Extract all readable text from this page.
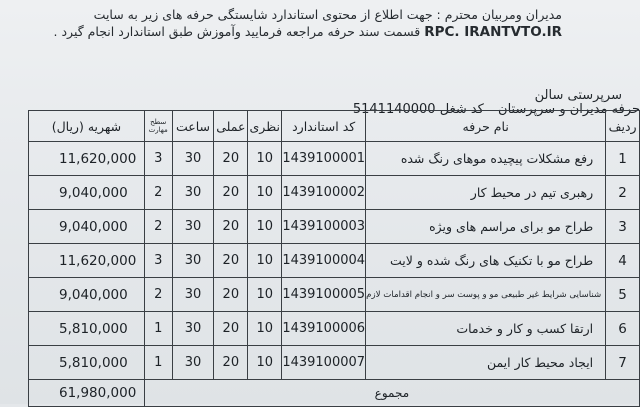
مدیران ومربیان محترم : جهت اطلاع از محتوی استاندارد شایستگی حرفه های زیر به سایت
RPC. IRANTVTO.IR قسمت سند حرفه مراجعه فرمایید وآموزش طبق استاندارد انجام گیرد .
سرپرستی سالن
حرفه مدیران و سرپرستان کد شغل 5141140000
ردیف	نام حرفه	کد استاندارد	نظری	عملی	ساعت	سطح مهارت	شهریه (ریال)
1	رفع مشکلات پیچیده موهای رنگ شده	1439100001	10	20	30	3	11,620,000
2	رهبری تیم در محیط کار	1439100002	10	20	30	2	9,040,000
3	طراح مو برای مراسم های ویژه	1439100003	10	20	30	2	9,040,000
4	طراح مو با تکنیک های رنگ شده و لایت	1439100004	10	20	30	3	11,620,000
5	شناسایی شرایط غیر طبیعی مو و پوست سر و انجام اقدامات لازم	1439100005	10	20	30	2	9,040,000
6	ارتقا کسب و کار و خدمات	1439100006	10	20	30	1	5,810,000
7	ایجاد محیط کار ایمن	1439100007	10	20	30	1	5,810,000
مجموع							61,980,000
